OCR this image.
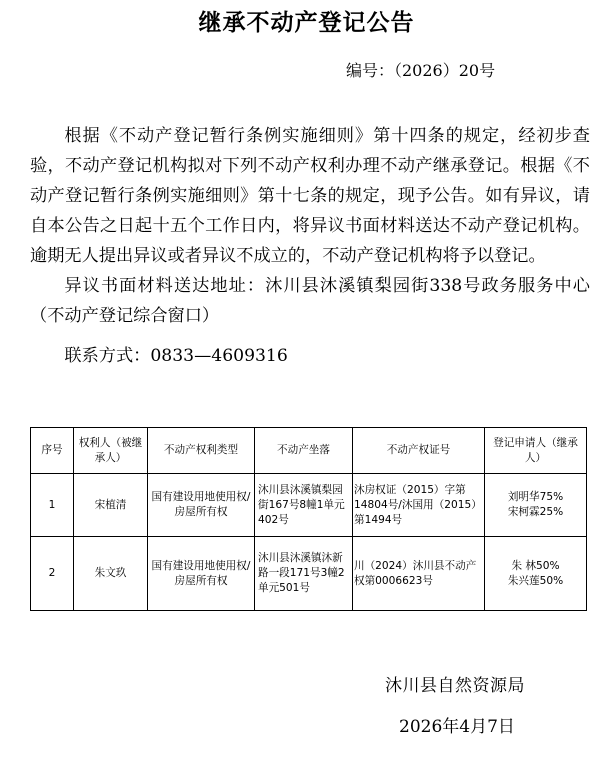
继承不动产登记公告
编号：（2026）20号

根据《不动产登记暂行条例实施细则》第十四条的规定，经初步查验，不动产登记机构拟对下列不动产权利办理不动产继承登记。根据《不动产登记暂行条例实施细则》第十七条的规定，现予公告。如有异议，请自本公告之日起十五个工作日内，将异议书面材料送达不动产登记机构。逾期无人提出异议或者异议不成立的，不动产登记机构将予以登记。

异议书面材料送达地址：沐川县沐溪镇梨园街338号政务服务中心（不动产登记综合窗口）

联系方式：0833—4609316

序号	权利人（被继承人）	不动产权利类型	不动产坐落	不动产权证号	登记申请人（继承人）
1	宋植清	国有建设用地使用权/房屋所有权	沐川县沐溪镇梨园街167号8幢1单元402号	沐房权证（2015）字第14804号/沐国用（2015）第1494号	刘明华75%
宋柯霖25%

2	朱文玖	国有建设用地使用权/房屋所有权	沐川县沐溪镇沐新路一段171号3幢2单元501号	川（2024）沐川县不动产权第0006623号	朱 林50%
朱兴莲50%
沐川县自然资源局
2026年4月7日
